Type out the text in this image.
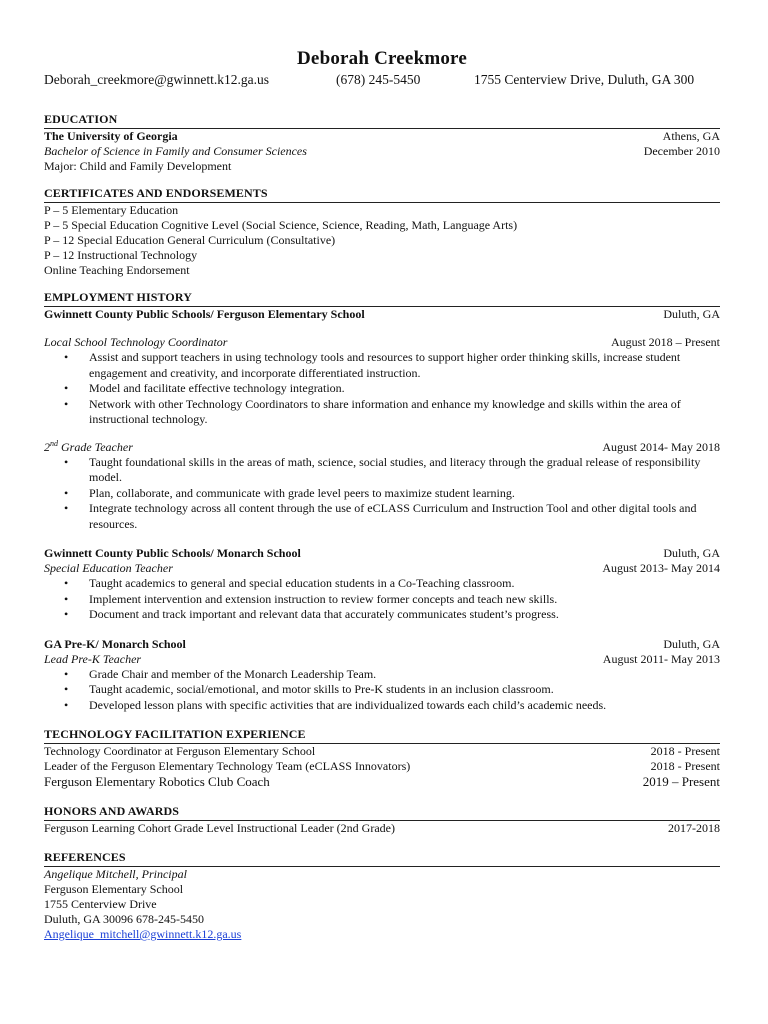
Deborah Creekmore
Deborah_creekmore@gwinnett.k12.ga.us	(678) 245-5450	1755 Centerview Drive, Duluth, GA 300
EDUCATION
The University of Georgia	Athens, GA
Bachelor of Science in Family and Consumer Sciences	December 2010
Major: Child and Family Development
CERTIFICATES AND ENDORSEMENTS
P – 5 Elementary Education
P – 5 Special Education Cognitive Level (Social Science, Science, Reading, Math, Language Arts)
P – 12 Special Education General Curriculum (Consultative)
P – 12 Instructional Technology
Online Teaching Endorsement
EMPLOYMENT HISTORY
Gwinnett County Public Schools/ Ferguson Elementary School	Duluth, GA
Local School Technology Coordinator	August 2018 – Present
• Assist and support teachers in using technology tools and resources to support higher order thinking skills, increase student engagement and creativity, and incorporate differentiated instruction.
• Model and facilitate effective technology integration.
• Network with other Technology Coordinators to share information and enhance my knowledge and skills within the area of instructional technology.
2nd Grade Teacher	August 2014- May 2018
• Taught foundational skills in the areas of math, science, social studies, and literacy through the gradual release of responsibility model.
• Plan, collaborate, and communicate with grade level peers to maximize student learning.
• Integrate technology across all content through the use of eCLASS Curriculum and Instruction Tool and other digital tools and resources.
Gwinnett County Public Schools/ Monarch School	Duluth, GA
Special Education Teacher	August 2013- May 2014
• Taught academics to general and special education students in a Co-Teaching classroom.
• Implement intervention and extension instruction to review former concepts and teach new skills.
• Document and track important and relevant data that accurately communicates student’s progress.
GA Pre-K/ Monarch School	Duluth, GA
Lead Pre-K Teacher	August 2011- May 2013
• Grade Chair and member of the Monarch Leadership Team.
• Taught academic, social/emotional, and motor skills to Pre-K students in an inclusion classroom.
• Developed lesson plans with specific activities that are individualized towards each child’s academic needs.
TECHNOLOGY FACILITATION EXPERIENCE
Technology Coordinator at Ferguson Elementary School	2018 - Present
Leader of the Ferguson Elementary Technology Team (eCLASS Innovators)	2018 - Present
Ferguson Elementary Robotics Club Coach	2019 – Present
HONORS AND AWARDS
Ferguson Learning Cohort Grade Level Instructional Leader (2nd Grade)	2017-2018
REFERENCES
Angelique Mitchell, Principal
Ferguson Elementary School
1755 Centerview Drive
Duluth, GA 30096 678-245-5450
Angelique_mitchell@gwinnett.k12.ga.us
